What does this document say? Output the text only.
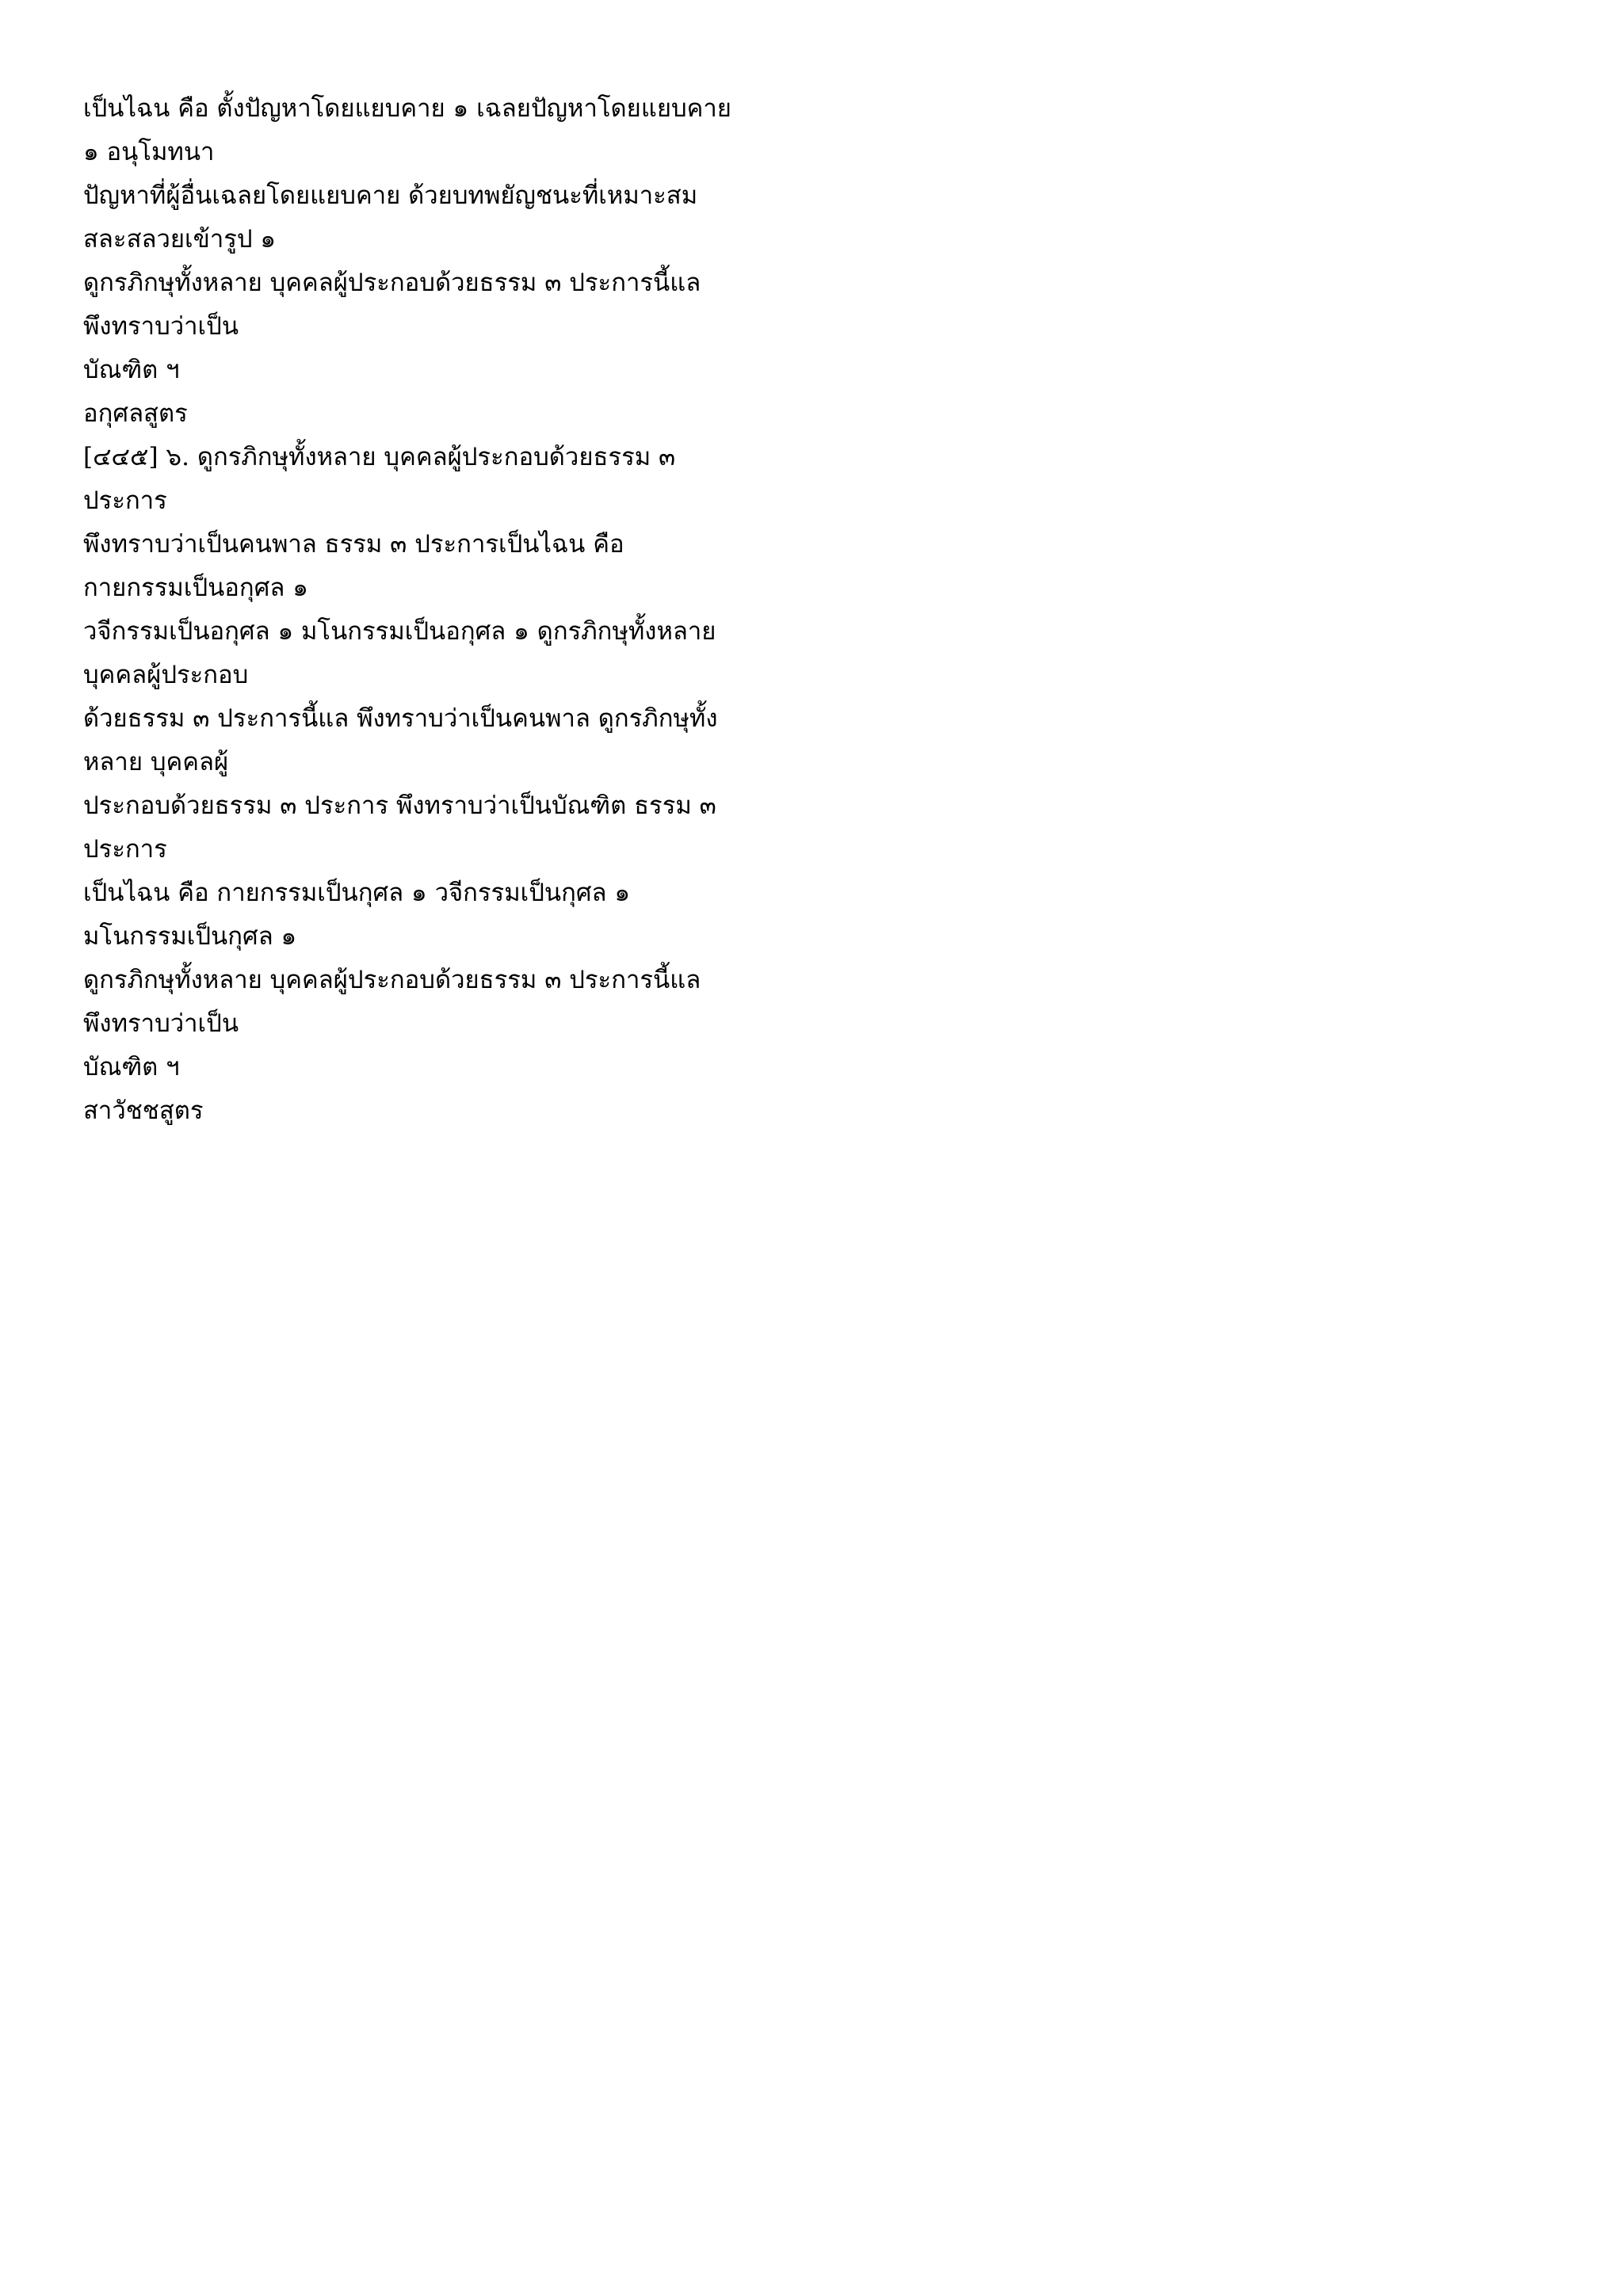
เป็นไฉน คือ ตั้งปัญหาโดยแยบคาย ๑ เฉลยปัญหาโดยแยบคาย
๑ อนุโมทนา
ปัญหาที่ผู้อื่นเฉลยโดยแยบคาย ด้วยบทพยัญชนะที่เหมาะสม
สละสลวยเข้ารูป ๑
ดูกรภิกษุทั้งหลาย บุคคลผู้ประกอบด้วยธรรม ๓ ประการนี้แล
พึงทราบว่าเป็น
บัณฑิต ฯ
อกุศลสูตร
[๔๔๕] ๖. ดูกรภิกษุทั้งหลาย บุคคลผู้ประกอบด้วยธรรม ๓
ประการ
พึงทราบว่าเป็นคนพาล ธรรม ๓ ประการเป็นไฉน คือ
กายกรรมเป็นอกุศล ๑
วจีกรรมเป็นอกุศล ๑ มโนกรรมเป็นอกุศล ๑ ดูกรภิกษุทั้งหลาย
บุคคลผู้ประกอบ
ด้วยธรรม ๓ ประการนี้แล พึงทราบว่าเป็นคนพาล ดูกรภิกษุทั้ง
หลาย บุคคลผู้
ประกอบด้วยธรรม ๓ ประการ พึงทราบว่าเป็นบัณฑิต ธรรม ๓
ประการ
เป็นไฉน คือ กายกรรมเป็นกุศล ๑ วจีกรรมเป็นกุศล ๑
มโนกรรมเป็นกุศล ๑
ดูกรภิกษุทั้งหลาย บุคคลผู้ประกอบด้วยธรรม ๓ ประการนี้แล
พึงทราบว่าเป็น
บัณฑิต ฯ
สาวัชชสูตร
